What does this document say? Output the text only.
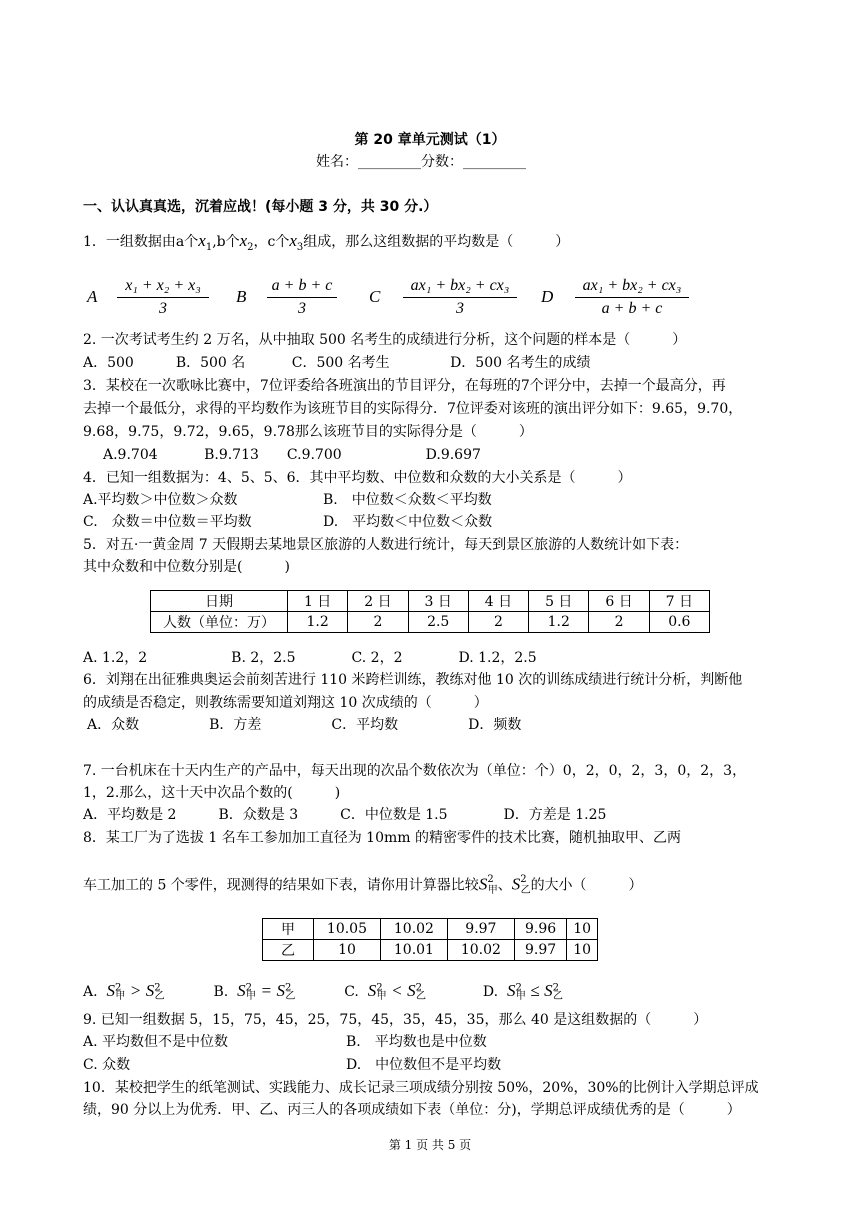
第 20 章单元测试（1）
姓名：_________分数：_________
一、认认真真选，沉着应战！(每小题 3 分，共 30 分.）
1．一组数据由a个$x_1,b$个$x_2$，c个$x_3$组成，那么这组数据的平均数是（　　　）
A $\frac{\text{x₁ + x₂ + x₃}}{3}$ B $\frac{a + b + c}{3}$ C $\frac{\text{ax₁ + bx₂ + cx₃}}{3}$ D $\frac{\text{ax₁ + bx₂ + cx₃}}{a + b + c}$
2. 一次考试考生约 2 万名，从中抽取 500 名考生的成绩进行分析，这个问题的样本是（　　　）
A．500　　　B．500 名　　　 C．500 名考生　　　　 D．500 名考生的成绩
3．某校在一次歌咏比赛中，7位评委给各班演出的节目评分，在每班的7个评分中，去掉一个最高分，再
去掉一个最低分，求得的平均数作为该班节目的实际得分．7位评委对该班的演出评分如下：9.65，9.70，
9.68，9.75，9.72，9.65，9.78那么该班节目的实际得分是（　　　）
A.9.704　　　 B.9.713　　C.9.700　　　　　　D.9.697
4．已知一组数据为：4、5、5、6．其中平均数、中位数和众数的大小关系是（　　　）
A.平均数＞中位数＞众数	B.　中位数＜众数＜平均数
C.　众数＝中位数＝平均数	D.　平均数＜中位数＜众数
5．对五·一黄金周 7 天假期去某地景区旅游的人数进行统计，每天到景区旅游的人数统计如下表：
其中众数和中位数分别是(　　　)
日期	1 日	2 日	3 日	4 日	5 日	6 日	7 日
人数（单位：万）	1.2	2	2.5	2	1.2	2	0.6
A. 1.2，2　　　　　　B. 2，2.5　　　　C. 2，2　　　　D. 1.2，2.5
6．刘翔在出征雅典奥运会前刻苦进行 110 米跨栏训练，教练对他 10 次的训练成绩进行统计分析，判断他
的成绩是否稳定，则教练需要知道刘翔这 10 次成绩的（　　　）
A．众数　　　　　B．方差　　　　　C．平均数　　　　　D．频数
7. 一台机床在十天内生产的产品中，每天出现的次品个数依次为（单位：个）0，2，0，2，3，0，2，3，
1，2.那么，这十天中次品个数的(　　　)
A．平均数是 2　　　B．众数是 3　　　C．中位数是 1.5　　　　D．方差是 1.25
8．某工厂为了选拔 1 名车工参加加工直径为 10mm 的精密零件的技术比赛，随机抽取甲、乙两
车工加工的 5 个零件，现测得的结果如下表，请你用计算器比较$S^2_甲$、$S^2_乙$的大小（　　　）
甲	10.05	10.02	9.97	9.96	10
乙	10	10.01	10.02	9.97	10
A. $S^2_甲 > S^2_乙$	B. $S^2_甲 = S^2_乙$	C. $S^2_甲 < S^2_乙$	D. $S^2_甲 \le S^2_乙$
9. 已知一组数据 5，15，75，45，25，75，45，35，45，35，那么 40 是这组数据的（　　　）
A. 平均数但不是中位数	B.　平均数也是中位数
C. 众数	D.　中位数但不是平均数
10．某校把学生的纸笔测试、实践能力、成长记录三项成绩分别按 50%，20%，30%的比例计入学期总评成
绩，90 分以上为优秀．甲、乙、丙三人的各项成绩如下表（单位：分)，学期总评成绩优秀的是（　　　）
第 1 页 共 5 页
